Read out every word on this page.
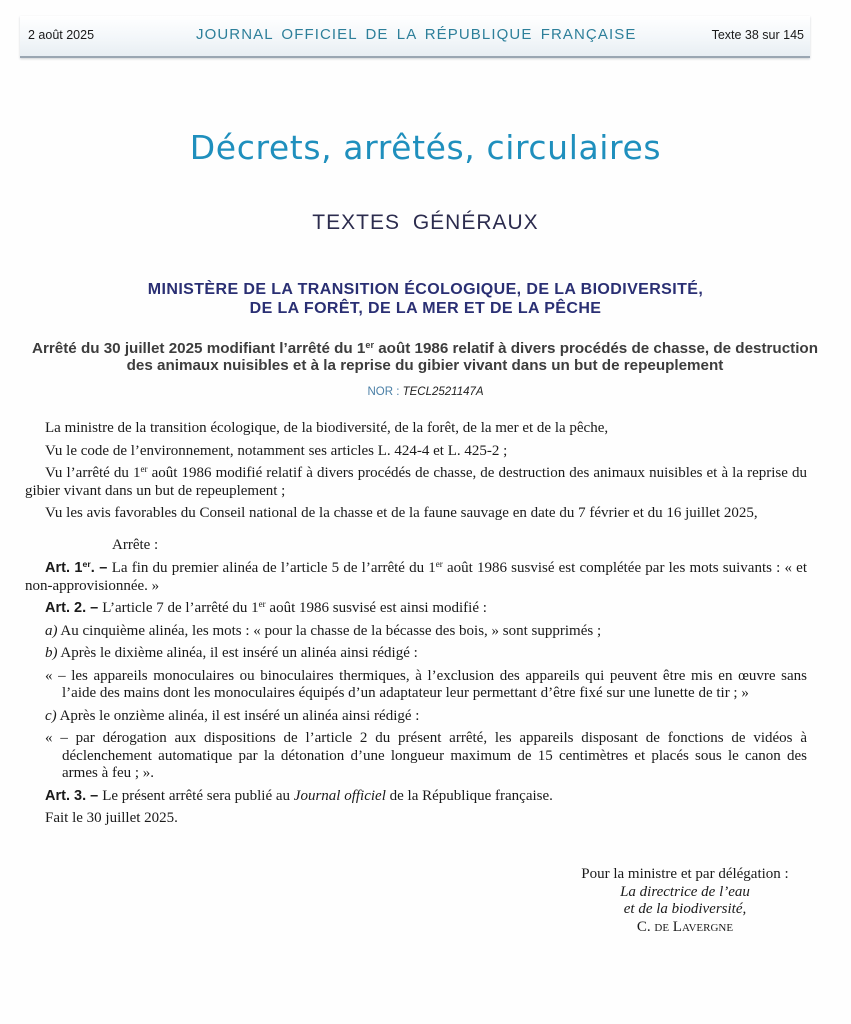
2 août 2025	JOURNAL OFFICIEL DE LA RÉPUBLIQUE FRANÇAISE	Texte 38 sur 145
Décrets, arrêtés, circulaires
TEXTES GÉNÉRAUX
MINISTÈRE DE LA TRANSITION ÉCOLOGIQUE, DE LA BIODIVERSITÉ,
DE LA FORÊT, DE LA MER ET DE LA PÊCHE
Arrêté du 30 juillet 2025 modifiant l’arrêté du 1er août 1986 relatif à divers procédés de chasse, de destruction des animaux nuisibles et à la reprise du gibier vivant dans un but de repeuplement
NOR : TECL2521147A

La ministre de la transition écologique, de la biodiversité, de la forêt, de la mer et de la pêche,

Vu le code de l’environnement, notamment ses articles L. 424-4 et L. 425-2 ;

Vu l’arrêté du 1er août 1986 modifié relatif à divers procédés de chasse, de destruction des animaux nuisibles et à la reprise du gibier vivant dans un but de repeuplement ;

Vu les avis favorables du Conseil national de la chasse et de la faune sauvage en date du 7 février et du 16 juillet 2025,

Arrête :

Art. 1er. – La fin du premier alinéa de l’article 5 de l’arrêté du 1er août 1986 susvisé est complétée par les mots suivants : « et non-approvisionnée. »

Art. 2. – L’article 7 de l’arrêté du 1er août 1986 susvisé est ainsi modifié :

a) Au cinquième alinéa, les mots : « pour la chasse de la bécasse des bois, » sont supprimés ;

b) Après le dixième alinéa, il est inséré un alinéa ainsi rédigé :

« – les appareils monoculaires ou binoculaires thermiques, à l’exclusion des appareils qui peuvent être mis en œuvre sans l’aide des mains dont les monoculaires équipés d’un adaptateur leur permettant d’être fixé sur une lunette de tir ; »

c) Après le onzième alinéa, il est inséré un alinéa ainsi rédigé :

« – par dérogation aux dispositions de l’article 2 du présent arrêté, les appareils disposant de fonctions de vidéos à déclenchement automatique par la détonation d’une longueur maximum de 15 centimètres et placés sous le canon des armes à feu ; ».

Art. 3. – Le présent arrêté sera publié au Journal officiel de la République française.

Fait le 30 juillet 2025.

Pour la ministre et par délégation :
La directrice de l’eau
et de la biodiversité,
C. de Lavergne
